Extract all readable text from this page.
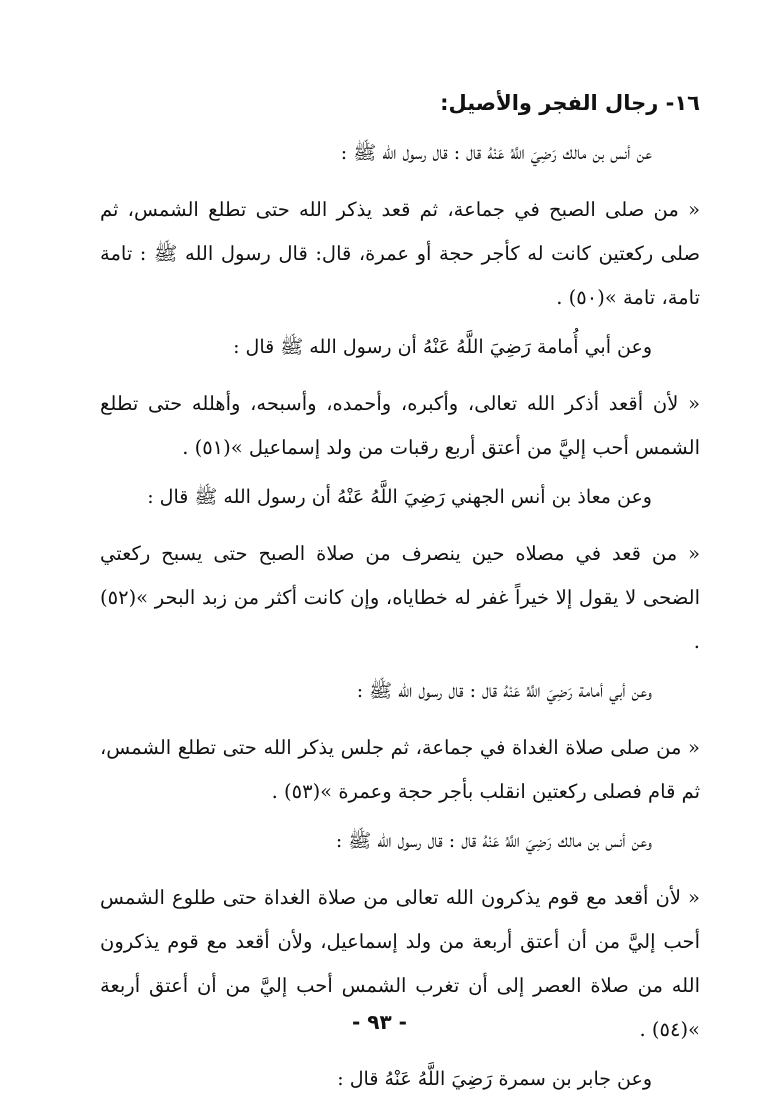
١٦- رجال الفجر والأصيل:

عن أنس بن مالك رَضِيَ اللَّهُ عَنْهُ قال : قال رسول الله ﷺ :

« من صلى الصبح في جماعة، ثم قعد يذكر الله حتى تطلع الشمس، ثم صلى ركعتين كانت له كأجر حجة أو عمرة، قال: قال رسول الله ﷺ : تامة تامة، تامة »(٥٠) .

وعن أبي أُمامة رَضِيَ اللَّهُ عَنْهُ أن رسول الله ﷺ قال :

« لأن أقعد أذكر الله تعالى، وأكبره، وأحمده، وأسبحه، وأهلله حتى تطلع الشمس أحب إليَّ من أعتق أربع رقبات من ولد إسماعيل »(٥١) .

وعن معاذ بن أنس الجهني رَضِيَ اللَّهُ عَنْهُ أن رسول الله ﷺ قال :

« من قعد في مصلاه حين ينصرف من صلاة الصبح حتى يسبح ركعتي الضحى لا يقول إلا خيراً غفر له خطاياه، وإن كانت أكثر من زبد البحر »(٥٢) .

وعن أبي أمامة رَضِيَ اللَّهُ عَنْهُ قال : قال رسول الله ﷺ :

« من صلى صلاة الغداة في جماعة، ثم جلس يذكر الله حتى تطلع الشمس، ثم قام فصلى ركعتين انقلب بأجر حجة وعمرة »(٥٣) .

وعن أنس بن مالك رَضِيَ اللَّهُ عَنْهُ قال : قال رسول الله ﷺ :

« لأن أقعد مع قوم يذكرون الله تعالى من صلاة الغداة حتى طلوع الشمس أحب إليَّ من أن أعتق أربعة من ولد إسماعيل، ولأن أقعد مع قوم يذكرون الله من صلاة العصر إلى أن تغرب الشمس أحب إليَّ من أن أعتق أربعة »(٥٤) .

وعن جابر بن سمرة رَضِيَ اللَّهُ عَنْهُ قال :

- ٩٣ -
